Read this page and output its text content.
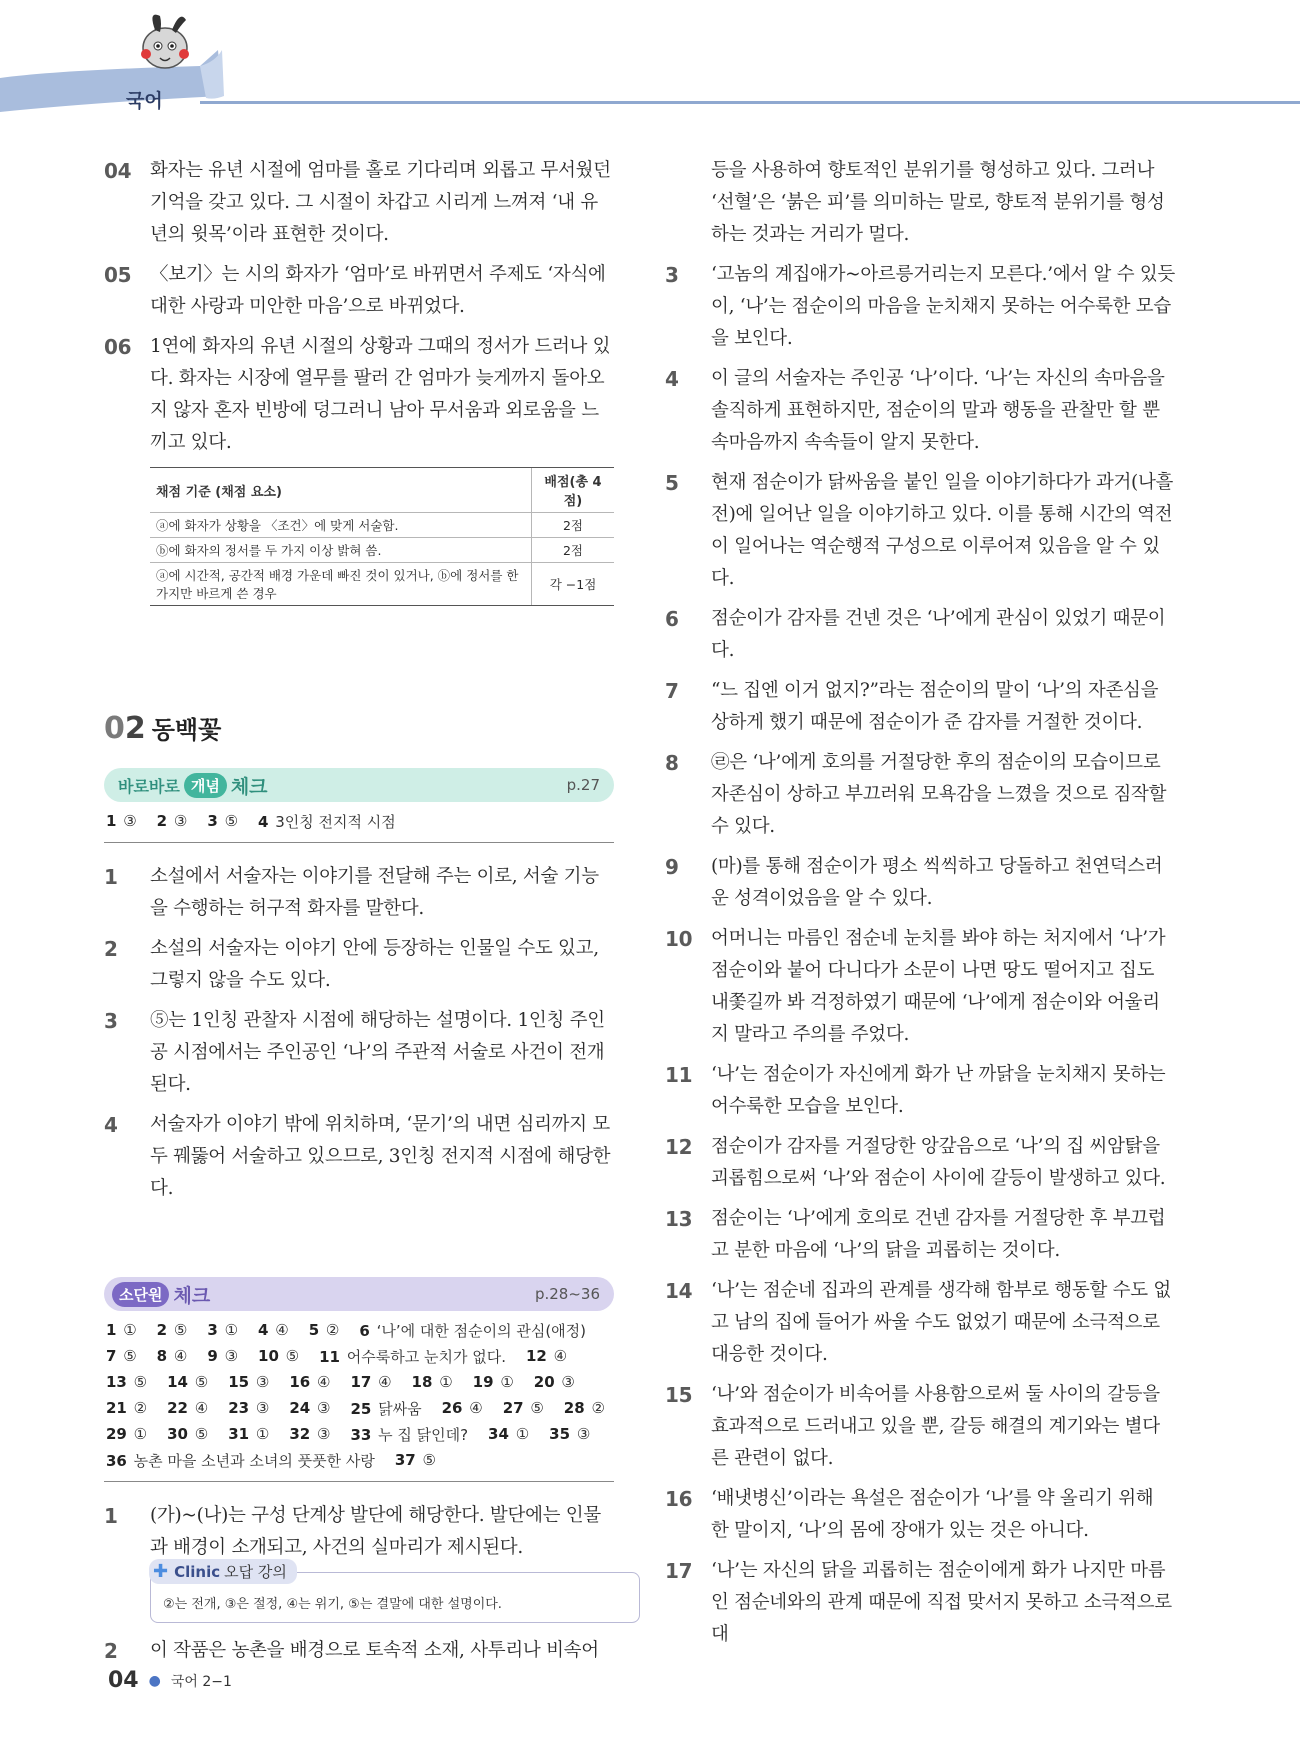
국어
04 화자는 유년 시절에 엄마를 홀로 기다리며 외롭고 무서웠던 기억을 갖고 있다. 그 시절이 차갑고 시리게 느껴져 ‘내 유년의 윗목’이라 표현한 것이다.
05 〈보기〉는 시의 화자가 ‘엄마’로 바뀌면서 주제도 ‘자식에 대한 사랑과 미안한 마음’으로 바뀌었다.
06 1연에 화자의 유년 시절의 상황과 그때의 정서가 드러나 있다. 화자는 시장에 열무를 팔러 간 엄마가 늦게까지 돌아오지 않자 혼자 빈방에 덩그러니 남아 무서움과 외로움을 느끼고 있다.
채점 기준 (채점 요소)	배점(총 4점)
ⓐ에 화자가 상황을 〈조건〉에 맞게 서술함.	2점
ⓑ에 화자의 정서를 두 가지 이상 밝혀 씀.	2점
ⓐ에 시간적, 공간적 배경 가운데 빠진 것이 있거나, ⓑ에 정서를 한 가지만 바르게 쓴 경우	각 −1점
02 동백꽃
바로바로 개념 체크	p.27
1 ③ 2 ③ 3 ⑤ 4 3인칭 전지적 시점
1 소설에서 서술자는 이야기를 전달해 주는 이로, 서술 기능을 수행하는 허구적 화자를 말한다.
2 소설의 서술자는 이야기 안에 등장하는 인물일 수도 있고, 그렇지 않을 수도 있다.
3 ⑤는 1인칭 관찰자 시점에 해당하는 설명이다. 1인칭 주인공 시점에서는 주인공인 ‘나’의 주관적 서술로 사건이 전개된다.
4 서술자가 이야기 밖에 위치하며, ‘문기’의 내면 심리까지 모두 꿰뚫어 서술하고 있으므로, 3인칭 전지적 시점에 해당한다.
소단원 체크	p.28~36
1 ① 2 ⑤ 3 ① 4 ④ 5 ② 6 ‘나’에 대한 점순이의 관심(애정)
7 ⑤ 8 ④ 9 ③ 10 ⑤ 11 어수룩하고 눈치가 없다. 12 ④
13 ⑤ 14 ⑤ 15 ③ 16 ④ 17 ④ 18 ① 19 ① 20 ③
21 ② 22 ④ 23 ③ 24 ③ 25 닭싸움 26 ④ 27 ⑤ 28 ②
29 ① 30 ⑤ 31 ① 32 ③ 33 누 집 닭인데? 34 ① 35 ③
36 농촌 마을 소년과 소녀의 풋풋한 사랑 37 ⑤
1 (가)~(나)는 구성 단계상 발단에 해당한다. 발단에는 인물과 배경이 소개되고, 사건의 실마리가 제시된다.
✚ Clinic 오답 강의
②는 전개, ③은 절정, ④는 위기, ⑤는 결말에 대한 설명이다.
2 이 작품은 농촌을 배경으로 토속적 소재, 사투리나 비속어
등을 사용하여 향토적인 분위기를 형성하고 있다. 그러나 ‘선혈’은 ‘붉은 피’를 의미하는 말로, 향토적 분위기를 형성하는 것과는 거리가 멀다.
3 ‘고놈의 계집애가~아르릉거리는지 모른다.’에서 알 수 있듯이, ‘나’는 점순이의 마음을 눈치채지 못하는 어수룩한 모습을 보인다.
4 이 글의 서술자는 주인공 ‘나’이다. ‘나’는 자신의 속마음을 솔직하게 표현하지만, 점순이의 말과 행동을 관찰만 할 뿐 속마음까지 속속들이 알지 못한다.
5 현재 점순이가 닭싸움을 붙인 일을 이야기하다가 과거(나흘 전)에 일어난 일을 이야기하고 있다. 이를 통해 시간의 역전이 일어나는 역순행적 구성으로 이루어져 있음을 알 수 있다.
6 점순이가 감자를 건넨 것은 ‘나’에게 관심이 있었기 때문이다.
7 “느 집엔 이거 없지?”라는 점순이의 말이 ‘나’의 자존심을 상하게 했기 때문에 점순이가 준 감자를 거절한 것이다.
8 ㉣은 ‘나’에게 호의를 거절당한 후의 점순이의 모습이므로 자존심이 상하고 부끄러워 모욕감을 느꼈을 것으로 짐작할 수 있다.
9 (마)를 통해 점순이가 평소 씩씩하고 당돌하고 천연덕스러운 성격이었음을 알 수 있다.
10 어머니는 마름인 점순네 눈치를 봐야 하는 처지에서 ‘나’가 점순이와 붙어 다니다가 소문이 나면 땅도 떨어지고 집도 내쫓길까 봐 걱정하였기 때문에 ‘나’에게 점순이와 어울리지 말라고 주의를 주었다.
11 ‘나’는 점순이가 자신에게 화가 난 까닭을 눈치채지 못하는 어수룩한 모습을 보인다.
12 점순이가 감자를 거절당한 앙갚음으로 ‘나’의 집 씨암탉을 괴롭힘으로써 ‘나’와 점순이 사이에 갈등이 발생하고 있다.
13 점순이는 ‘나’에게 호의로 건넨 감자를 거절당한 후 부끄럽고 분한 마음에 ‘나’의 닭을 괴롭히는 것이다.
14 ‘나’는 점순네 집과의 관계를 생각해 함부로 행동할 수도 없고 남의 집에 들어가 싸울 수도 없었기 때문에 소극적으로 대응한 것이다.
15 ‘나’와 점순이가 비속어를 사용함으로써 둘 사이의 갈등을 효과적으로 드러내고 있을 뿐, 갈등 해결의 계기와는 별다른 관련이 없다.
16 ‘배냇병신’이라는 욕설은 점순이가 ‘나’를 약 올리기 위해 한 말이지, ‘나’의 몸에 장애가 있는 것은 아니다.
17 ‘나’는 자신의 닭을 괴롭히는 점순이에게 화가 나지만 마름인 점순네와의 관계 때문에 직접 맞서지 못하고 소극적으로 대
04 ● 국어 2−1
